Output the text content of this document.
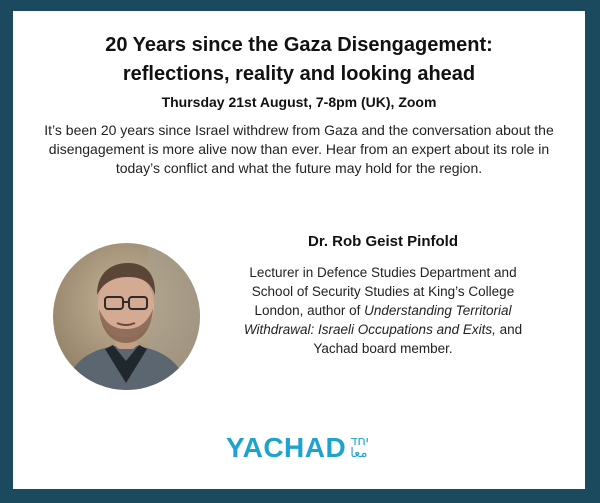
20 Years since the Gaza Disengagement:
reflections, reality and looking ahead
Thursday 21st August, 7-8pm (UK), Zoom
It’s been 20 years since Israel withdrew from Gaza and the conversation about the disengagement is more alive now than ever. Hear from an expert about its role in today’s conflict and what the future may hold for the region.
Dr. Rob Geist Pinfold
Lecturer in Defence Studies Department and School of Security Studies at King’s College London, author of Understanding Territorial Withdrawal: Israeli Occupations and Exits, and Yachad board member.
YACHAD יחד
معا
